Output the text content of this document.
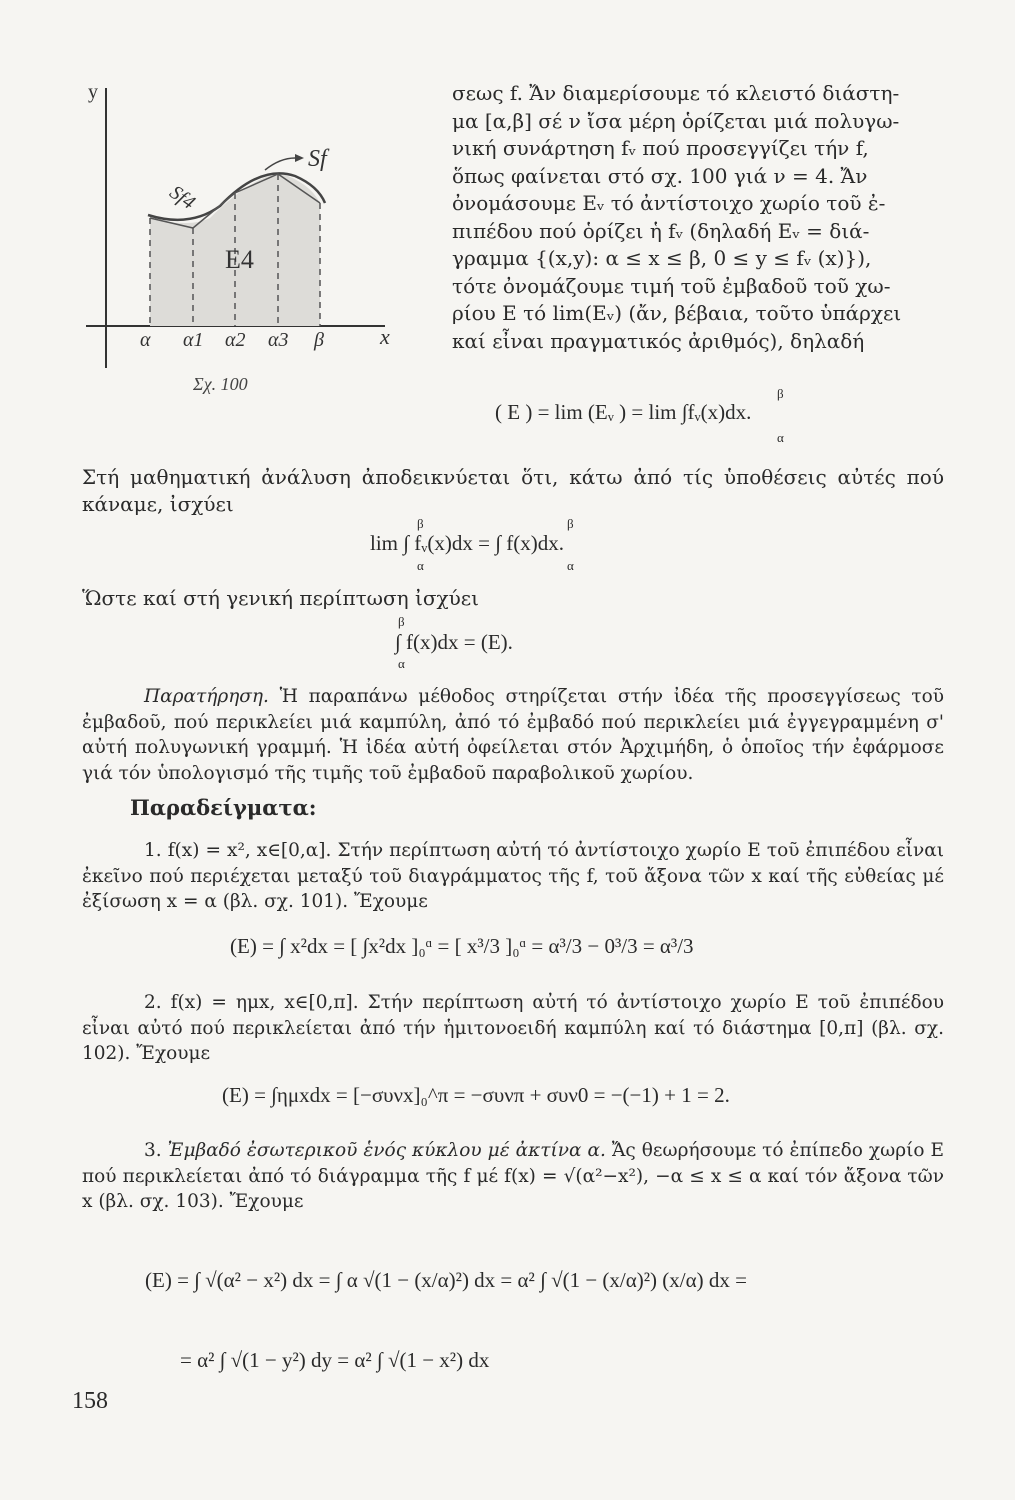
y
x
Sf
Sf4
E4
α α1 α2 α3 β
Σχ. 100
σεως f. Ἄν διαμερίσουμε τό κλειστό διάστη-
μα [α,β] σέ ν ἴσα μέρη ὁρίζεται μιά πολυγω-
νική συνάρτηση fᵥ πού προσεγγίζει τήν f,
ὅπως φαίνεται στό σχ. 100 γιά ν = 4. Ἄν
ὀνομάσουμε Eᵥ τό ἀντίστοιχο χωρίο τοῦ ἐ-
πιπέδου πού ὁρίζει ἡ fᵥ (δηλαδή Eᵥ = διά-
γραμμα {(x,y): α ≤ x ≤ β, 0 ≤ y ≤ fᵥ (x)}),
τότε ὀνομάζουμε τιμή τοῦ ἐμβαδοῦ τοῦ χω-
ρίου E τό lim(Eᵥ) (ἄν, βέβαια, τοῦτο ὑπάρχει
καί εἶναι πραγματικός ἀριθμός), δηλαδή
β
( E ) = lim (Eᵥ ) = lim ∫fᵥ(x)dx.
α
Στή μαθηματική ἀνάλυση ἀποδεικνύεται ὅτι, κάτω ἀπό τίς ὑποθέσεις αὐτές πού κάναμε, ἰσχύει
β	β
lim ∫ fᵥ(x)dx = ∫ f(x)dx.
α	α
Ὥστε καί στή γενική περίπτωση ἰσχύει
β
∫ f(x)dx = (E).
α
Παρατήρηση. Ἡ παραπάνω μέθοδος στηρίζεται στήν ἰδέα τῆς προσεγγίσεως τοῦ ἐμβαδοῦ, πού περικλείει μιά καμπύλη, ἀπό τό ἐμβαδό πού περικλείει μιά ἐγγεγραμμένη σ' αὐτή πολυγωνική γραμμή. Ἡ ἰδέα αὐτή ὀφείλεται στόν Ἀρχιμήδη, ὁ ὁποῖος τήν ἐφάρμοσε γιά τόν ὑπολογισμό τῆς τιμῆς τοῦ ἐμβαδοῦ παραβολικοῦ χωρίου.
Παραδείγματα:
1. f(x) = x², x∈[0,α]. Στήν περίπτωση αὐτή τό ἀντίστοιχο χωρίο E τοῦ ἐπιπέδου εἶναι ἐκεῖνο πού περιέχεται μεταξύ τοῦ διαγράμματος τῆς f, τοῦ ἄξονα τῶν x καί τῆς εὐθείας μέ ἐξίσωση x = α (βλ. σχ. 101). Ἔχουμε
(E) = ∫ x²dx = [ ∫x²dx ]₀ᵅ = [ x³/3 ]₀ᵅ = α³/3 − 0³/3 = α³/3
2. f(x) = ημx, x∈[0,π]. Στήν περίπτωση αὐτή τό ἀντίστοιχο χωρίο E τοῦ ἐπιπέδου εἶναι αὐτό πού περικλείεται ἀπό τήν ἡμιτονοειδή καμπύλη καί τό διάστημα [0,π] (βλ. σχ. 102). Ἔχουμε
(E) = ∫ημxdx = [−συνx]₀^π = −συνπ + συν0 = −(−1) + 1 = 2.
3. Ἐμβαδό ἐσωτερικοῦ ἑνός κύκλου μέ ἀκτίνα α. Ἄς θεωρήσουμε τό ἐπίπεδο χωρίο E πού περικλείεται ἀπό τό διάγραμμα τῆς f μέ f(x) = √(α²−x²), −α ≤ x ≤ α καί τόν ἄξονα τῶν x (βλ. σχ. 103). Ἔχουμε
(E) = ∫ √(α² − x²) dx = ∫ α √(1 − (x/α)²) dx = α² ∫ √(1 − (x/α)²) (x/α) dx =
= α² ∫ √(1 − y²) dy = α² ∫ √(1 − x²) dx
158
